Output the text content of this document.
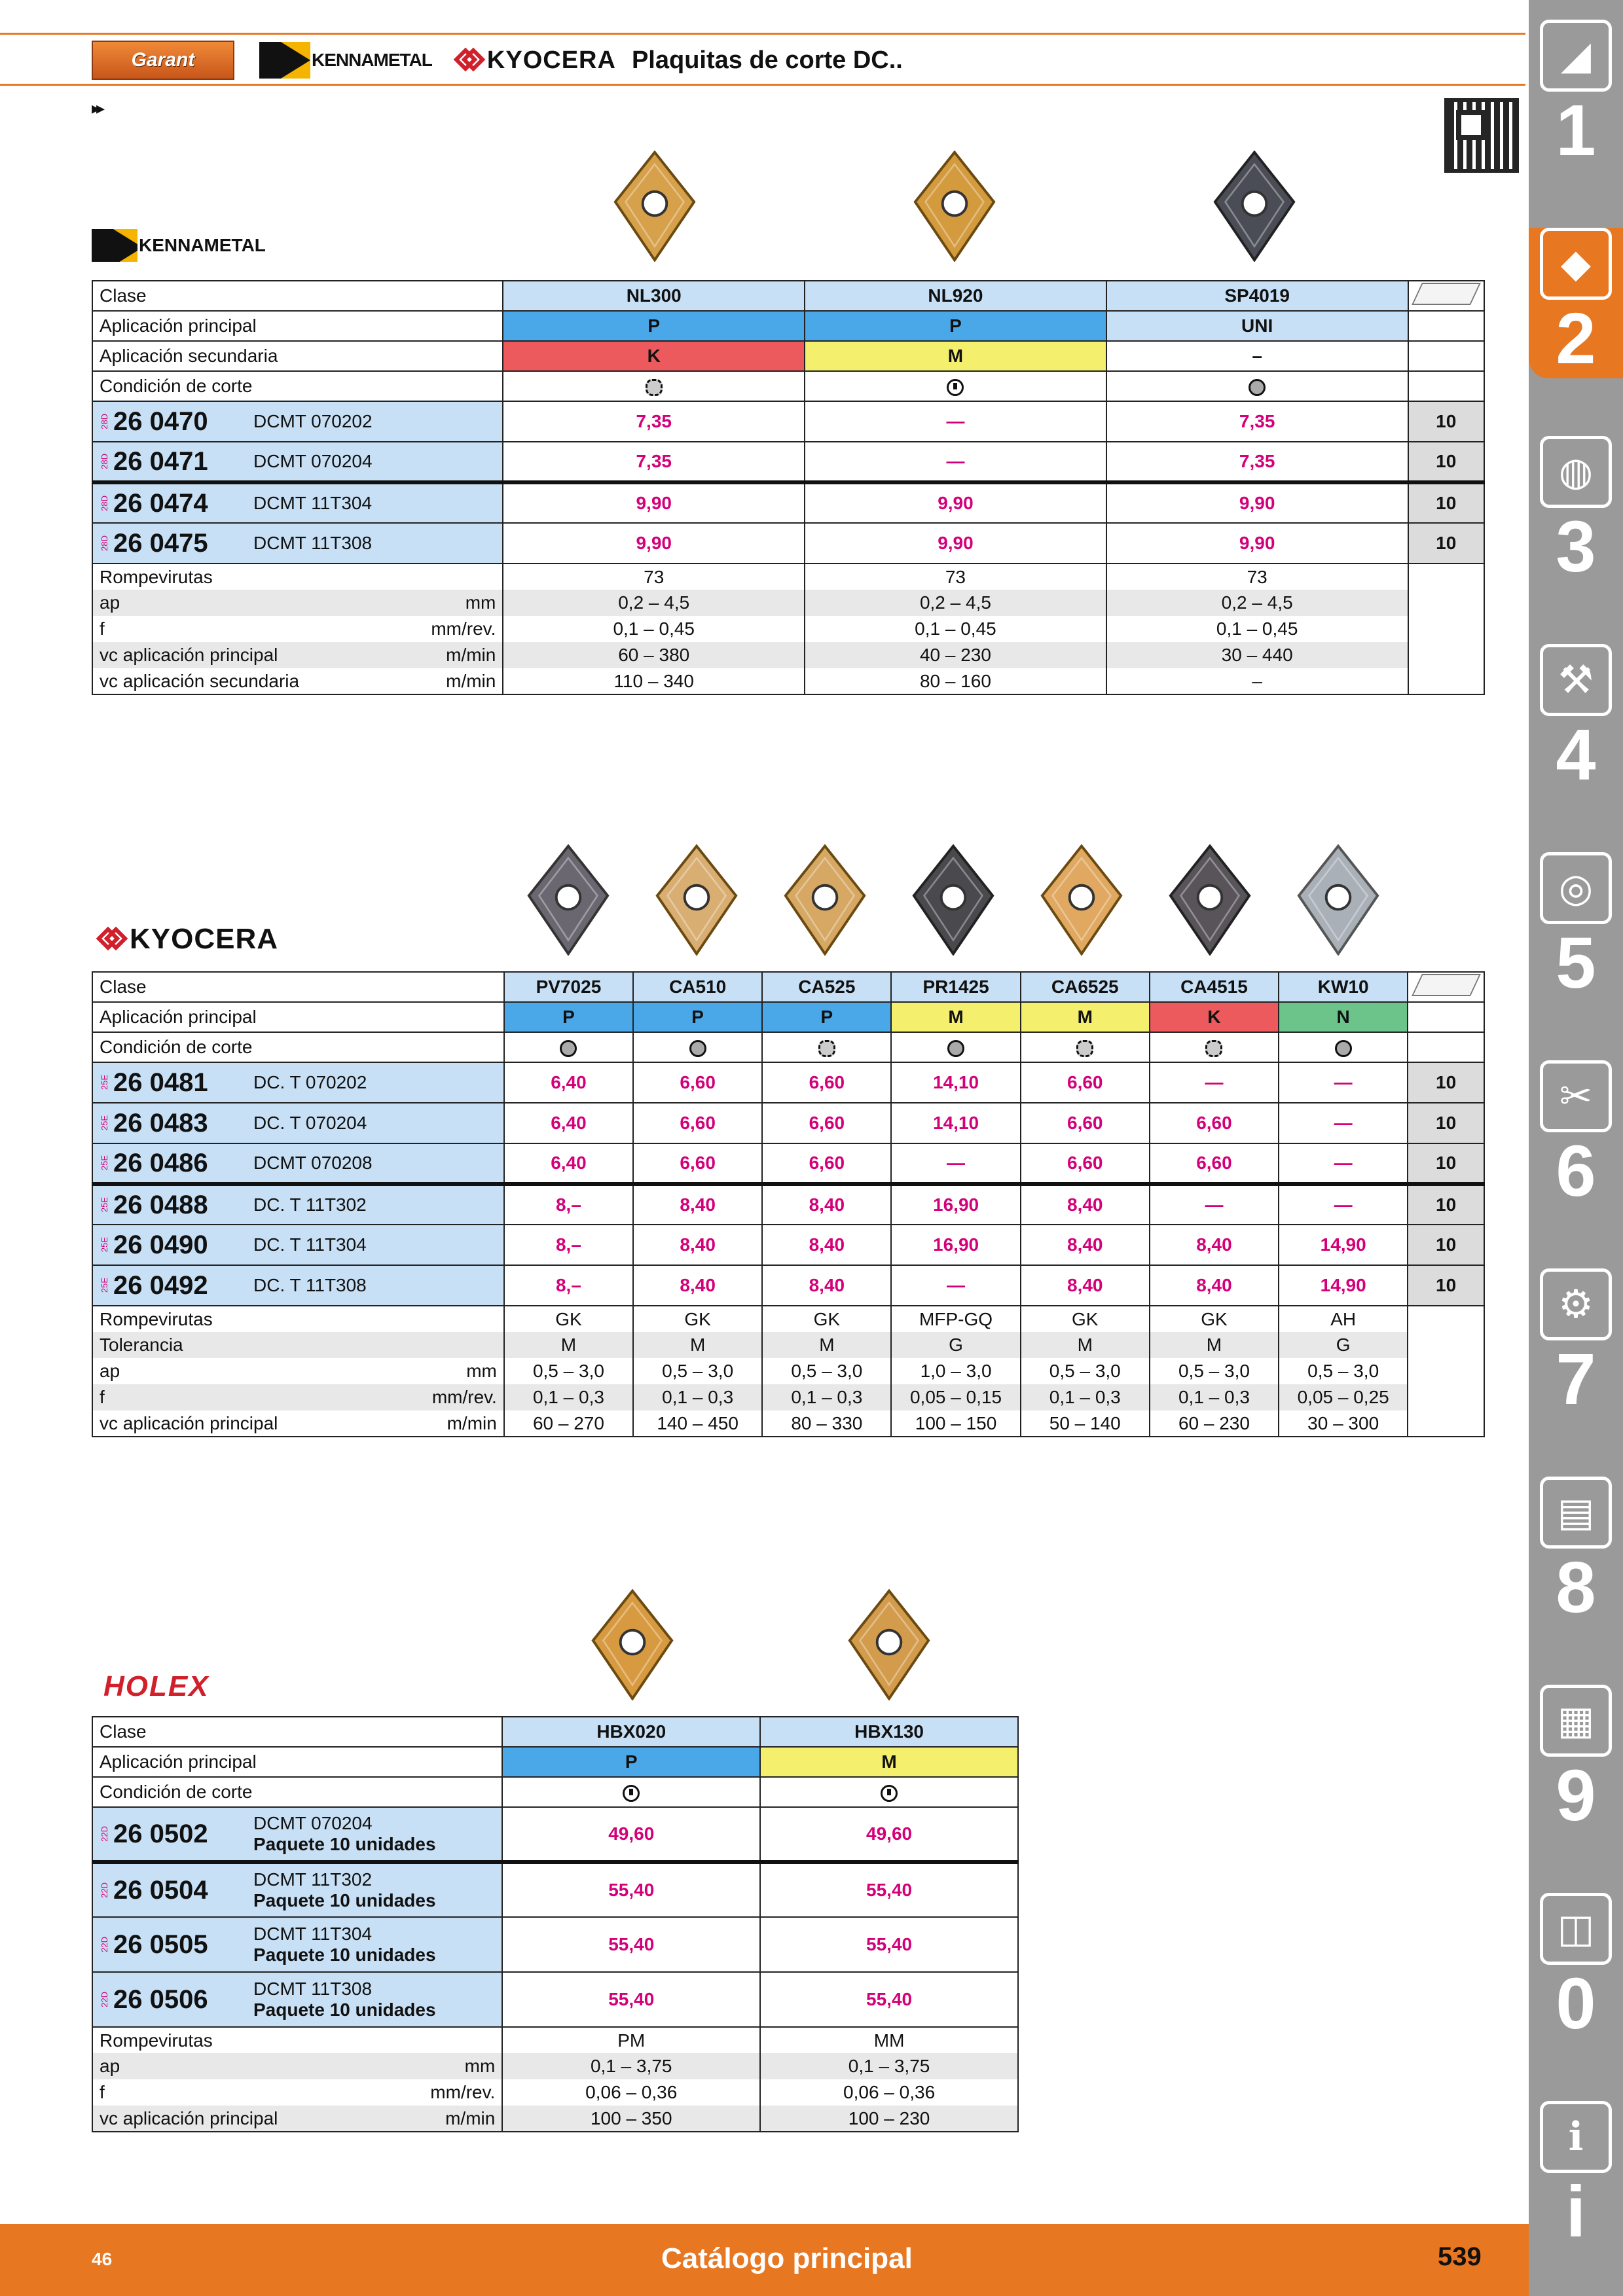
Garant	KENNAMETAL KYOCERA Plaquitas de corte DC..
▸▸
◢
1
◆
2
◍
3
⚒
4
◎
5
✂
6
⚙
7
▤
8
▦
9
◫
0
ℹ
i
KENNAMETAL
Clase	NL300	NL920	SP4019	
Aplicación principal	P	P	UNI	
Aplicación secundaria	K	M	–	
Condición de corte				

28D 26 0470 DCMT 070202	7,35	—	7,35	10

28D 26 0471 DCMT 070204	7,35	—	7,35	10

28D 26 0474 DCMT 11T304	9,90	9,90	9,90	10

28D 26 0475 DCMT 11T308	9,90	9,90	9,90	10
Rompevirutas	73	73	73	
ap mm	0,2 – 4,5	0,2 – 4,5	0,2 – 4,5	
f mm/rev.	0,1 – 0,45	0,1 – 0,45	0,1 – 0,45	
vc aplicación principal m/min	60 – 380	40 – 230	30 – 440	
vc aplicación secundaria m/min	110 – 340	80 – 160	–	
KYOCERA
Clase	PV7025	CA510	CA525	PR1425	CA6525	CA4515	KW10	
Aplicación principal	P	P	P	M	M	K	N	
Condición de corte								

25E 26 0481 DC. T 070202	6,40	6,60	6,60	14,10	6,60	—	—	10

25E 26 0483 DC. T 070204	6,40	6,60	6,60	14,10	6,60	6,60	—	10

25E 26 0486 DCMT 070208	6,40	6,60	6,60	—	6,60	6,60	—	10

25E 26 0488 DC. T 11T302	8,–	8,40	8,40	16,90	8,40	—	—	10

25E 26 0490 DC. T 11T304	8,–	8,40	8,40	16,90	8,40	8,40	14,90	10

25E 26 0492 DC. T 11T308	8,–	8,40	8,40	—	8,40	8,40	14,90	10
Rompevirutas	GK	GK	GK	MFP-GQ	GK	GK	AH	
Tolerancia	M	M	M	G	M	M	G	
ap mm	0,5 – 3,0	0,5 – 3,0	0,5 – 3,0	1,0 – 3,0	0,5 – 3,0	0,5 – 3,0	0,5 – 3,0	
f mm/rev.	0,1 – 0,3	0,1 – 0,3	0,1 – 0,3	0,05 – 0,15	0,1 – 0,3	0,1 – 0,3	0,05 – 0,25	
vc aplicación principal m/min	60 – 270	140 – 450	80 – 330	100 – 150	50 – 140	60 – 230	30 – 300	
HOLEX
Clase	HBX020	HBX130
Aplicación principal	P	M
Condición de corte		

22D 26 0502 DCMT 070204
Paquete 10 unidades	49,60	49,60

22D 26 0504 DCMT 11T302
Paquete 10 unidades	55,40	55,40

22D 26 0505 DCMT 11T304
Paquete 10 unidades	55,40	55,40

22D 26 0506 DCMT 11T308
Paquete 10 unidades	55,40	55,40
Rompevirutas	PM	MM
ap mm	0,1 – 3,75	0,1 – 3,75
f mm/rev.	0,06 – 0,36	0,06 – 0,36
vc aplicación principal m/min	100 – 350	100 – 230
46	Catálogo principal	539
